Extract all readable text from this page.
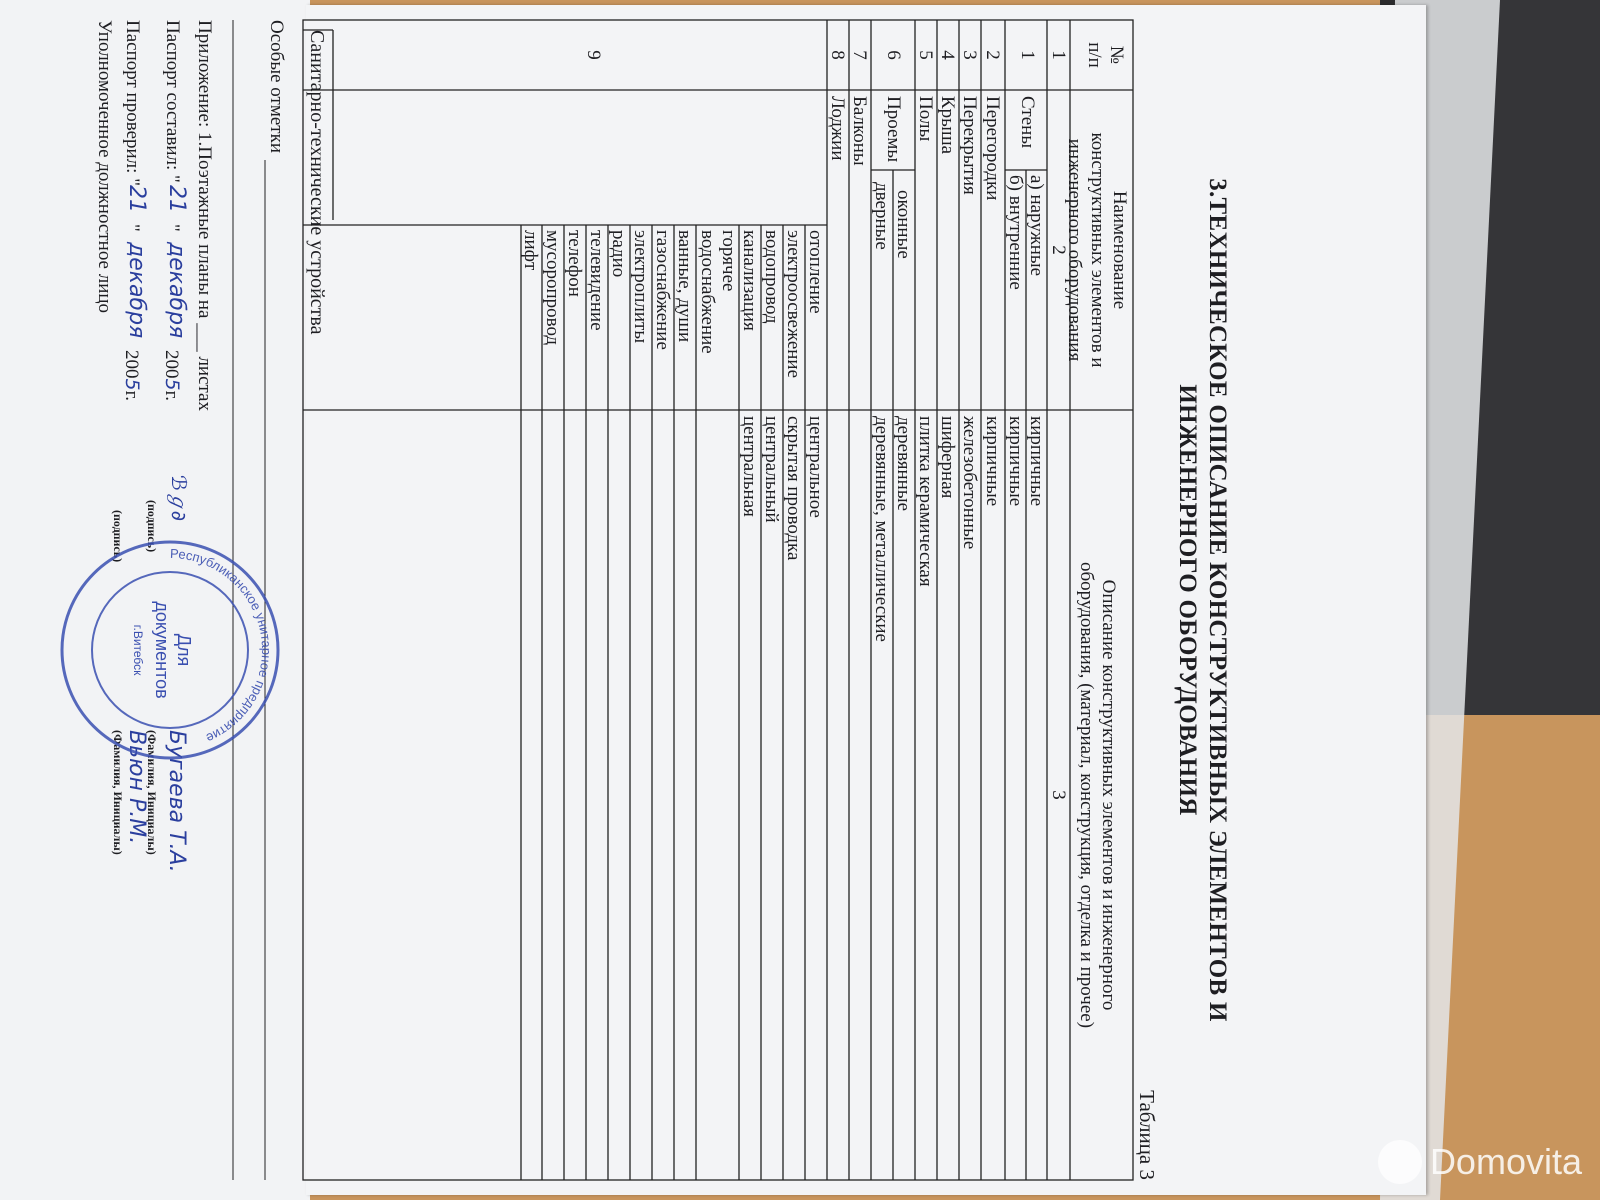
3.ТЕХНИЧЕСКОЕ ОПИСАНИЕ КОНСТРУКТИВНЫХ ЭЛЕМЕНТОВ И
ИНЖЕНЕРНОГО ОБОРУДОВАНИЯ
Таблица 3
№
п/п
Наименование
конструктивных элементов и
инженерного оборудования
Описание конструктивных элементов и инженерного
оборудования, (материал, конструкция, отделка и прочее)
1
2
3
1
Стены
а) наружные
кирпичные
б) внутренние
кирпичные
2
Перегородки
кирпичные
3
Перекрытия
железобетонные
4
Крыша
шиферная
5
Полы
плитка керамическая
6
Проемы
оконные
деревянные
дверные
деревянные, металлические
7
Балконы
8
Лоджии
9
Санитарно-технические устройства	отопление
центральное
электроосвежение
скрытая проводка
водопровод
центральный
канализация
центральная
горячее
водоснабжение
ванные, души
газоснабжение
электроплиты
радио
телевидение
телефон
мусоропровод
лифт
Особые отметки
Приложение: 1.Поэтажные планы на ___ листах
Паспорт составил: "
21
"
декабря
2005г.
ℬℊ∂
Бугаева Т.А.
(подпись)
(Фамилия, Инициалы)
Паспорт проверил: "
21
"
декабря
2005г.
Вьюн Р.М.
(подпись)
(Фамилия, Инициалы)
Уполномоченное должностное лицо
Республиканское унитарное предприятие
Для
документов
г.Витебск
Domovita
